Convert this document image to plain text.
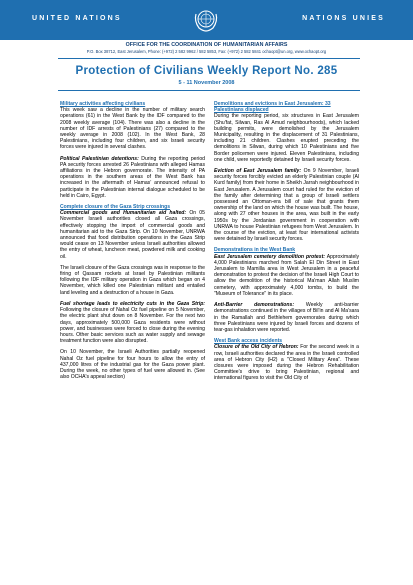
UNITED NATIONS	NATIONS UNIES
OFFICE FOR THE COORDINATION OF HUMANITARIAN AFFAIRS
P.O. Box 38712, East Jerusalem, Phone: (+972) 2 582 9962 / 582 5853, Fax: (+972) 2 582 5841 ochaopt@un.org, www.ochaopt.org
Protection of Civilians Weekly Report No. 285
5 - 11 November 2008
Military activities affecting civilians
This week saw a decline in the number of military search operations (61) in the West Bank by the IDF compared to the 2008 weekly average (104). There was also a decline in the number of IDF arrests of Palestinians (27) compared to the weekly average in 2008 (102). In the West Bank, 28 Palestinians, including four children, and six Israeli security forces were injured in several clashes.
Political Palestinian detentions: During the reporting period PA security forces arrested 26 Palestinians with alleged Hamas affiliations in the Hebron governorate. The intensity of PA operations in the southern areas of the West Bank has increased in the aftermath of Hamas’ announced refusal to participate in the Palestinian internal dialogue scheduled to be held in Cairo, Egypt.
Complete closure of the Gaza Strip crossings
Commercial goods and Humanitarian aid halted: On 05 November Israeli authorities closed all Gaza crossings, effectively stopping the import of commercial goods and humanitarian aid to the Gaza Strip. On 10 November, UNRWA announced that food distribution operations in the Gaza Strip would cease on 13 November unless Israeli authorities allowed the entry of wheat, luncheon meat, powdered milk and cooking oil.
The Israeli closure of the Gaza crossings was in response to the firing of Qassam rockets at Israel by Palestinian militants following the IDF military operation in Gaza which began on 4 November, which killed one Palestinian militant and entailed land leveling and a destruction of a house in Gaza.
Fuel shortage leads to electricity cuts in the Gaza Strip: Following the closure of Nahal Oz fuel pipeline on 5 November, the electric plant shut down on 8 November. For the next two days, approximately 500,000 Gaza residents were without power, and businesses were forced to close during the evening hours. Other basic services such as water supply and sewage treatment function were also disrupted.
On 10 November, the Israeli Authorities partially reopened Nahal Oz fuel pipeline for four hours to allow the entry of 437,000 litres of the industrial gas for the Gaza power plant. During the week, no other types of fuel were allowed in. (See also OCHA's appeal section)
Demolitions and evictions in East Jerusalem: 33 Palestinians displaced
During the reporting period, six structures in East Jerusalem (Shu'fat, Silwan, Ras Al Amud neighbourhoods), which lacked building permits, were demolished by the Jerusalem Municipality, resulting in the displacement of 31 Palestinians, including 21 children. Clashes erupted preceding the demolitions in Silwan, during which 10 Palestinians and five Border policemen were injured. Eleven Palestinians, including one child, were reportedly detained by Israeli security forces.
Eviction of East Jerusalem family: On 9 November, Israeli security forces forcibly evicted an elderly Palestinian couple (Al Kurd family) from their home in Sheikh Jarrah neighbourhood in East Jerusalem. A Jerusalem court had ruled for the eviction of the family after determining that a group of Israeli settlers possessed an Ottoman-era bill of sale that grants them ownership of the land on which the house was built. The house, along with 27 other houses in the area, was built in the early 1950s by the Jordanian government in cooperation with UNRWA to house Palestinian refugees from West Jerusalem. In the course of the eviction, at least four international activists were detained by Israeli security forces.
Demonstrations in the West Bank
East Jerusalem cemetery demolition protest: Approximately 4,000 Palestinians marched from Salah El Din Street in East Jerusalem to Mamilla area in West Jerusalem in a peaceful demonstration to protest the decision of the Israeli High Court to allow the demolition of the historical Ma'man Allah Muslim cemetery, with approximately 4,000 tombs, to build the "Museum of Tolerance" in its place.
Anti-Barrier demonstrations: Weekly anti-barrier demonstrations continued in the villages of Bil'in and Al Ma'sara in the Ramallah and Bethlehem governorates during which three Palestinians were injured by Israeli forces and dozens of tear-gas inhalation were reported.
West Bank access incidents
Closure of the Old City of Hebron: For the second week in a row, Israeli authorities declared the area in the Israeli controlled area of Hebron City (H2) a "Closed Military Area". These closures were imposed during the Hebron Rehabilitation Committee's drive to bring Palestinian, regional and international figures to visit the Old City of
